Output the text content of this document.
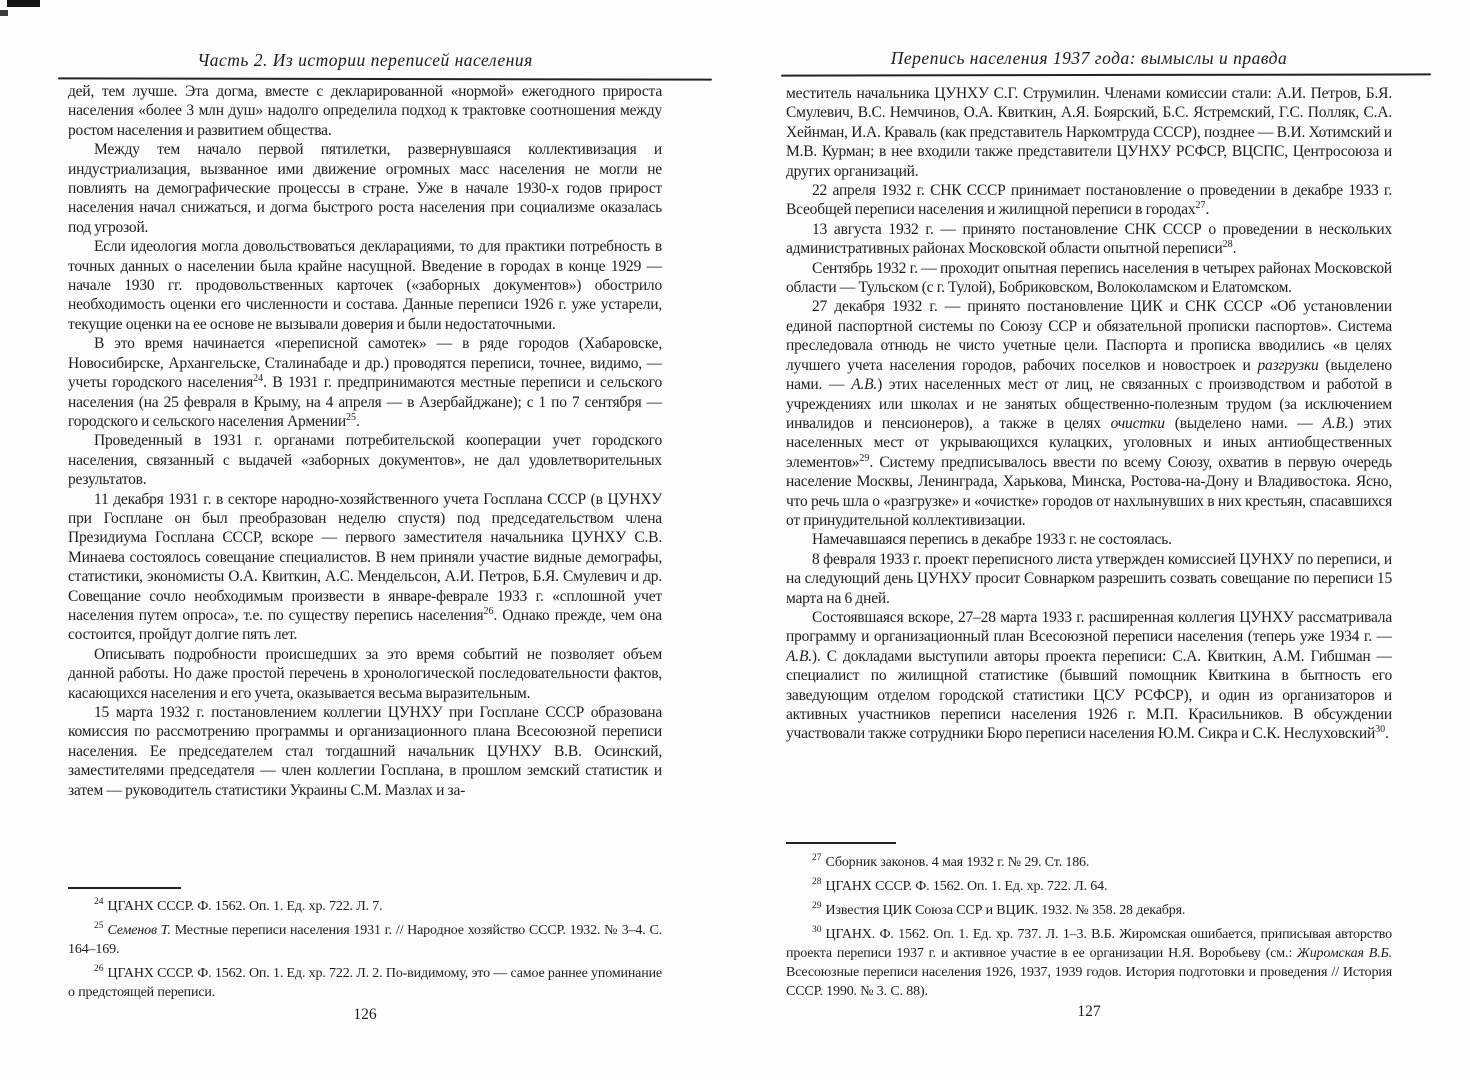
Часть 2. Из истории переписей населения

дей, тем лучше. Эта догма, вместе с декларированной «нормой» ежегодного прироста населения «более 3 млн душ» надолго определила подход к трактовке соотношения между ростом населения и развитием общества.

Между тем начало первой пятилетки, развернувшаяся коллективизация и индустриализация, вызванное ими движение огромных масс населения не могли не повлиять на демографические процессы в стране. Уже в начале 1930-х годов прирост населения начал снижаться, и догма быстрого роста населения при социализме оказалась под угрозой.

Если идеология могла довольствоваться декларациями, то для практики потребность в точных данных о населении была крайне насущной. Введение в городах в конце 1929 — начале 1930 гг. продовольственных карточек («заборных документов») обострило необходимость оценки его численности и состава. Данные переписи 1926 г. уже устарели, текущие оценки на ее основе не вызывали доверия и были недостаточными.

В это время начинается «переписной самотек» — в ряде городов (Хабаровске, Новосибирске, Архангельске, Сталинабаде и др.) проводятся переписи, точнее, видимо, — учеты городского населения$^{24}$. В 1931 г. предпринимаются местные переписи и сельского населения (на 25 февраля в Крыму, на 4 апреля — в Азербайджане); с 1 по 7 сентября — городского и сельского населения Армении$^{25}$.

Проведенный в 1931 г. органами потребительской кооперации учет городского населения, связанный с выдачей «заборных документов», не дал удовлетворительных результатов.

11 декабря 1931 г. в секторе народно-хозяйственного учета Госплана СССР (в ЦУНХУ при Госплане он был преобразован неделю спустя) под председательством члена Президиума Госплана СССР, вскоре — первого заместителя начальника ЦУНХУ С.В. Минаева состоялось совещание специалистов. В нем приняли участие видные демографы, статистики, экономисты О.А. Квиткин, А.С. Мендельсон, А.И. Петров, Б.Я. Смулевич и др. Совещание сочло необходимым произвести в январе-феврале 1933 г. «сплошной учет населения путем опроса», т.е. по существу перепись населения$^{26}$. Однако прежде, чем она состоится, пройдут долгие пять лет.

Описывать подробности происшедших за это время событий не позволяет объем данной работы. Но даже простой перечень в хронологической последовательности фактов, касающихся населения и его учета, оказывается весьма выразительным.

15 марта 1932 г. постановлением коллегии ЦУНХУ при Госплане СССР образована комиссия по рассмотрению программы и организационного плана Всесоюзной переписи населения. Ее председателем стал тогдашний начальник ЦУНХУ В.В. Осинский, заместителями председателя — член коллегии Госплана, в прошлом земский статистик и затем — руководитель статистики Украины С.М. Мазлах и за-

$^{24}$ ЦГАНХ СССР. Ф. 1562. Оп. 1. Ед. хр. 722. Л. 7.

$^{25}$ Семенов Т. Местные переписи населения 1931 г. // Народное хозяйство СССР. 1932. № 3–4. С. 164–169.

$^{26}$ ЦГАНХ СССР. Ф. 1562. Оп. 1. Ед. хр. 722. Л. 2. По-видимому, это — самое раннее упоминание о предстоящей переписи.

126
Перепись населения 1937 года: вымыслы и правда

меститель начальника ЦУНХУ С.Г. Струмилин. Членами комиссии стали: А.И. Петров, Б.Я. Смулевич, В.С. Немчинов, О.А. Квиткин, А.Я. Боярский, Б.С. Ястремский, Г.С. Полляк, С.А. Хейнман, И.А. Краваль (как представитель Наркомтруда СССР), позднее — В.И. Хотимский и М.В. Курман; в нее входили также представители ЦУНХУ РСФСР, ВЦСПС, Центросоюза и других организаций.

22 апреля 1932 г. СНК СССР принимает постановление о проведении в декабре 1933 г. Всеобщей переписи населения и жилищной переписи в городах$^{27}$.

13 августа 1932 г. — принято постановление СНК СССР о проведении в нескольких административных районах Московской области опытной переписи$^{28}$.

Сентябрь 1932 г. — проходит опытная перепись населения в четырех районах Московской области — Тульском (с г. Тулой), Бобриковском, Волоколамском и Елатомском.

27 декабря 1932 г. — принято постановление ЦИК и СНК СССР «Об установлении единой паспортной системы по Союзу ССР и обязательной прописки паспортов». Система преследовала отнюдь не чисто учетные цели. Паспорта и прописка вводились «в целях лучшего учета населения городов, рабочих поселков и новостроек и разгрузки (выделено нами. — А.В.) этих населенных мест от лиц, не связанных с производством и работой в учреждениях или школах и не занятых общественно-полезным трудом (за исключением инвалидов и пенсионеров), а также в целях очистки (выделено нами. — А.В.) этих населенных мест от укрывающихся кулацких, уголовных и иных антиобщественных элементов»$^{29}$. Систему предписывалось ввести по всему Союзу, охватив в первую очередь население Москвы, Ленинграда, Харькова, Минска, Ростова-на-Дону и Владивостока. Ясно, что речь шла о «разгрузке» и «очистке» городов от нахлынувших в них крестьян, спасавшихся от принудительной коллективизации.

Намечавшаяся перепись в декабре 1933 г. не состоялась.

8 февраля 1933 г. проект переписного листа утвержден комиссией ЦУНХУ по переписи, и на следующий день ЦУНХУ просит Совнарком разрешить созвать совещание по переписи 15 марта на 6 дней.

Состоявшаяся вскоре, 27–28 марта 1933 г. расширенная коллегия ЦУНХУ рассматривала программу и организационный план Всесоюзной переписи населения (теперь уже 1934 г. — А.В.). С докладами выступили авторы проекта переписи: С.А. Квиткин, А.М. Гибшман — специалист по жилищной статистике (бывший помощник Квиткина в бытность его заведующим отделом городской статистики ЦСУ РСФСР), и один из организаторов и активных участников переписи населения 1926 г. М.П. Красильников. В обсуждении участвовали также сотрудники Бюро переписи населения Ю.М. Сикра и С.К. Неслуховский$^{30}$.

$^{27}$ Сборник законов. 4 мая 1932 г. № 29. Ст. 186.

$^{28}$ ЦГАНХ СССР. Ф. 1562. Оп. 1. Ед. хр. 722. Л. 64.

$^{29}$ Известия ЦИК Союза ССР и ВЦИК. 1932. № 358. 28 декабря.

$^{30}$ ЦГАНХ. Ф. 1562. Оп. 1. Ед. хр. 737. Л. 1–3. В.Б. Жиромская ошибается, приписывая авторство проекта переписи 1937 г. и активное участие в ее организации Н.Я. Воробьеву (см.: Жиромская В.Б. Всесоюзные переписи населения 1926, 1937, 1939 годов. История подготовки и проведения // История СССР. 1990. № 3. С. 88).

127
